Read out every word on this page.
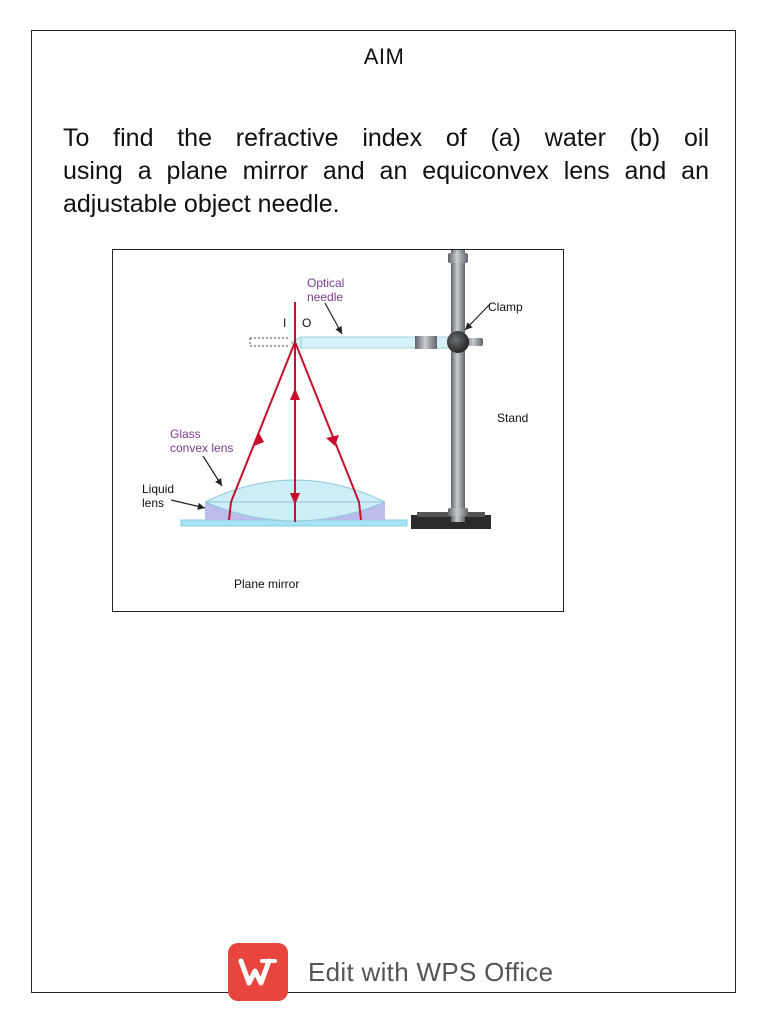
AIM
To find the refractive index of (a) water (b) oil
using a plane mirror and an equiconvex lens and an
adjustable object needle.
Optical
needle
I O
Clamp
Stand
Glass
convex lens
Liquid
lens
Plane mirror
Edit with WPS Office
